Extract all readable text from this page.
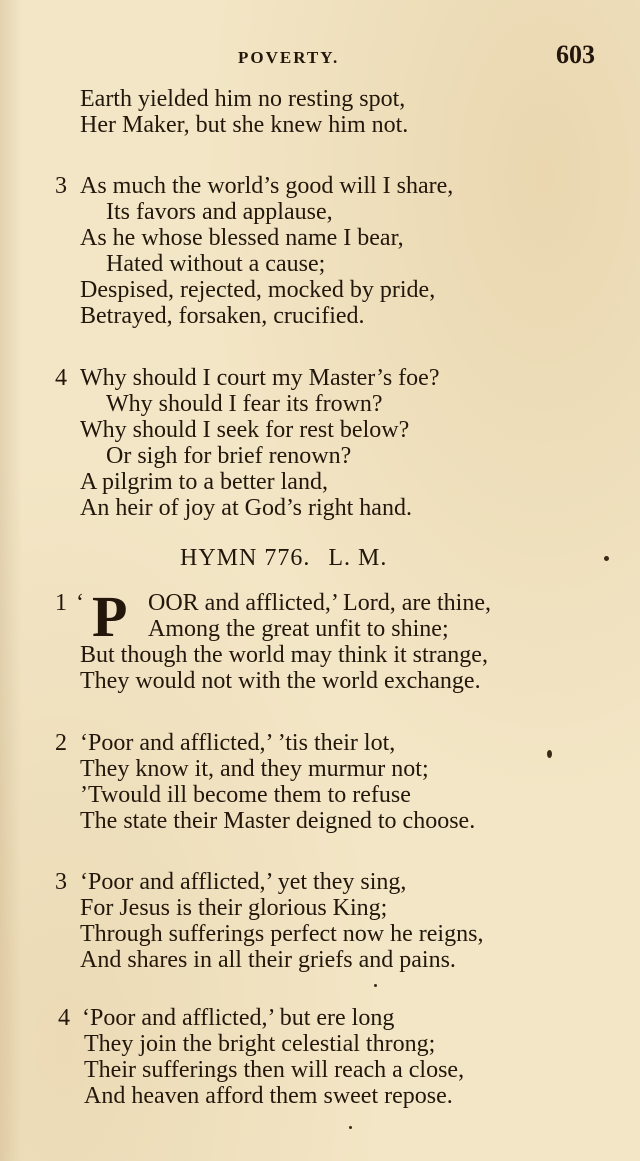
POVERTY.	603
Earth yielded him no resting spot,
Her Maker, but she knew him not.
3 As much the world’s good will I share,
Its favors and applause,
As he whose blessed name I bear,
Hated without a cause;
Despised, rejected, mocked by pride,
Betrayed, forsaken, crucified.
4 Why should I court my Master’s foe?
Why should I fear its frown?
Why should I seek for rest below?
Or sigh for brief renown?
A pilgrim to a better land,
An heir of joy at God’s right hand.
HYMN 776. L. M.
1 ‘ P OOR and afflicted,’ Lord, are thine,
Among the great unfit to shine;
But though the world may think it strange,
They would not with the world exchange.
2 ‘Poor and afflicted,’ ’tis their lot,
They know it, and they murmur not;
’Twould ill become them to refuse
The state their Master deigned to choose.
3 ‘Poor and afflicted,’ yet they sing,
For Jesus is their glorious King;
Through sufferings perfect now he reigns,
And shares in all their griefs and pains.
4 ‘Poor and afflicted,’ but ere long
They join the bright celestial throng;
Their sufferings then will reach a close,
And heaven afford them sweet repose.
